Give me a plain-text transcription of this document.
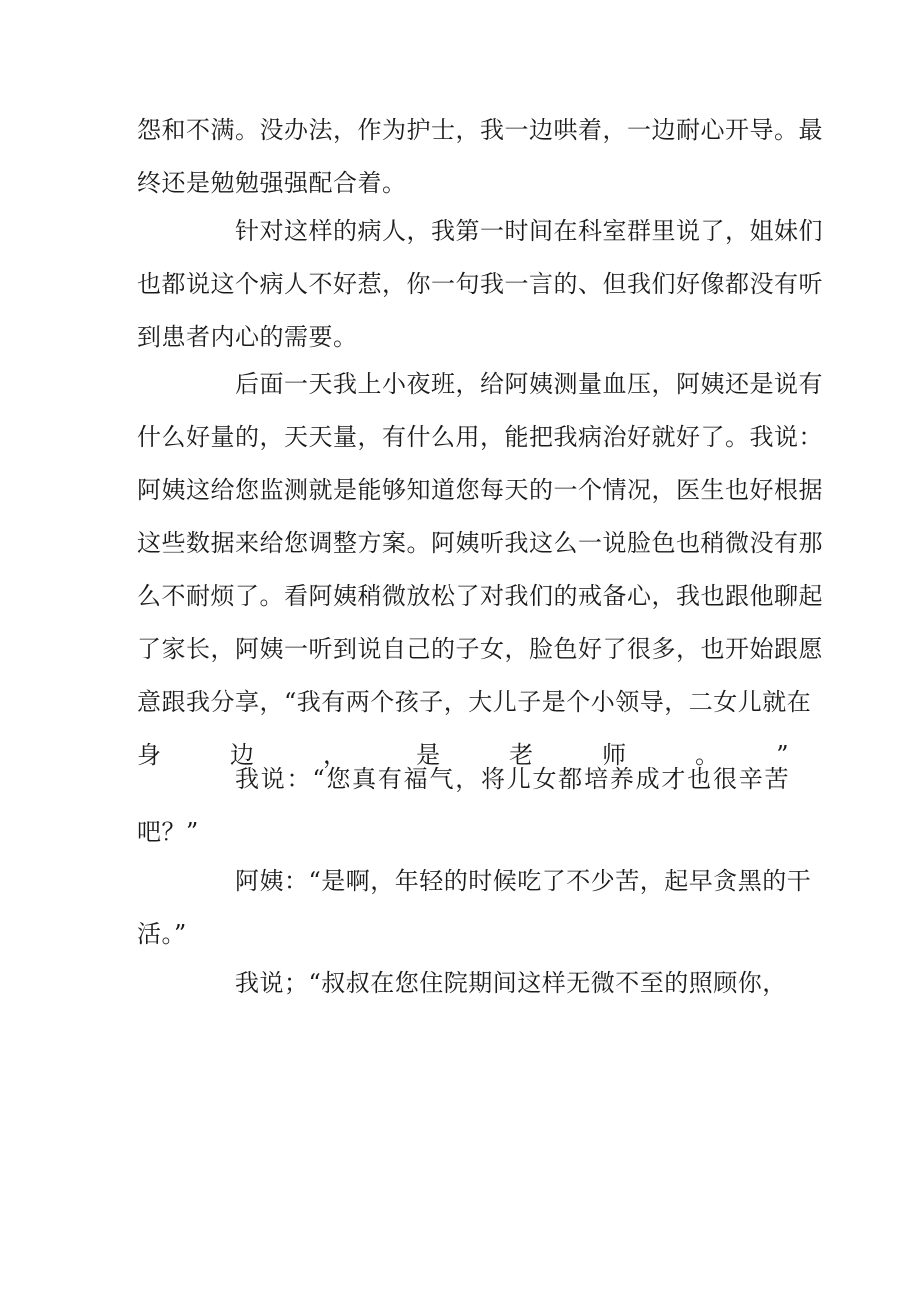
怨和不满。没办法，作为护士，我一边哄着，一边耐心开导。最
终还是勉勉强强配合着。
针对这样的病人，我第一时间在科室群里说了，姐妹们
也都说这个病人不好惹，你一句我一言的、但我们好像都没有听
到患者内心的需要。
后面一天我上小夜班，给阿姨测量血压，阿姨还是说有
什么好量的，天天量，有什么用，能把我病治好就好了。我说：
阿姨这给您监测就是能够知道您每天的一个情况，医生也好根据
这些数据来给您调整方案。阿姨听我这么一说脸色也稍微没有那
么不耐烦了。看阿姨稍微放松了对我们的戒备心，我也跟他聊起
了家长，阿姨一听到说自己的子女，脸色好了很多，也开始跟愿
意跟我分享，“我有两个孩子，大儿子是个小领导，二女儿就在
身边，是老师。”
我说：“您真有福气，将儿女都培养成才也很辛苦
吧？”
阿姨：“是啊，年轻的时候吃了不少苦，起早贪黑的干
活。”
我说；“叔叔在您住院期间这样无微不至的照顾你，
